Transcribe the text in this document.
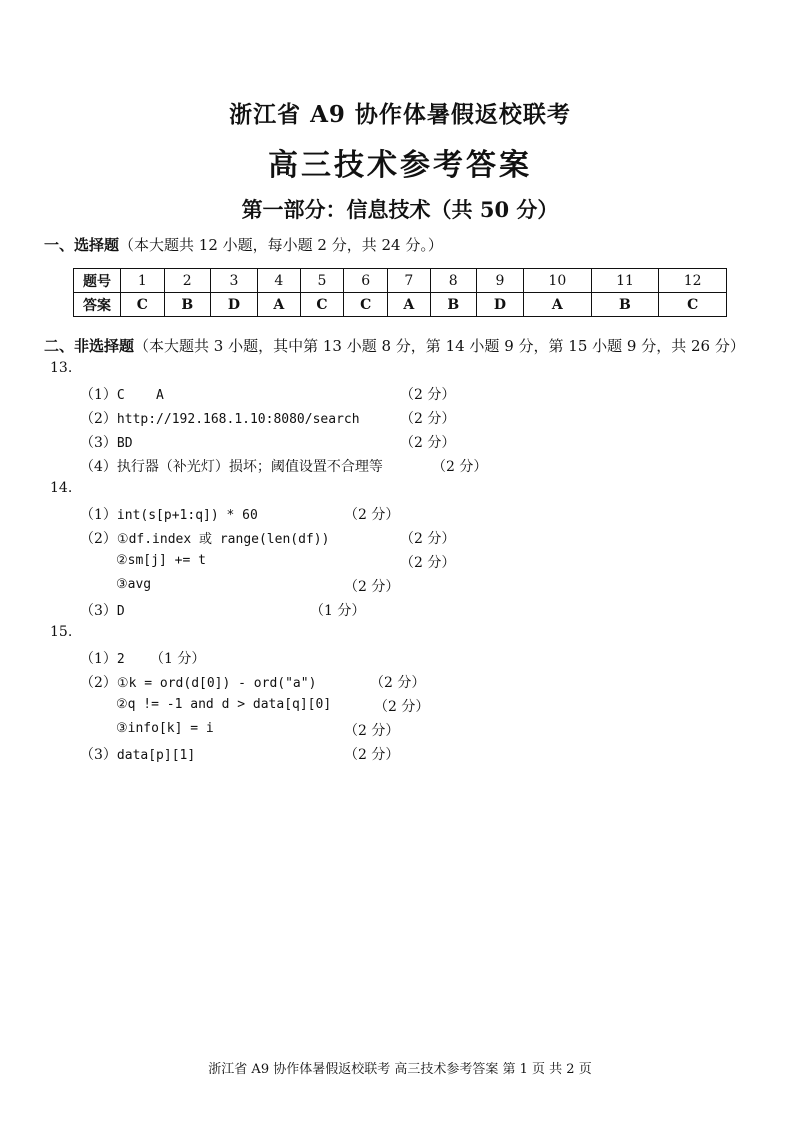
浙江省 A9 协作体暑假返校联考
高三技术参考答案
第一部分：信息技术（共 50 分）
一、选择题（本大题共 12 小题，每小题 2 分，共 24 分。）
题号	1	2	3	4	5	6	7	8	9	10	11	12
答案	C	B	D	A	C	C	A	B	D	A	B	C
二、非选择题（本大题共 3 小题，其中第 13 小题 8 分，第 14 小题 9 分，第 15 小题 9 分，共 26 分）
13.
（1）C    A	（2 分）
（2）http://192.168.1.10:8080/search	（2 分）
（3）BD	（2 分）
（4）执行器（补光灯）损坏；阈值设置不合理等	（2 分）
14.
（1）int(s[p+1:q]) * 60	（2 分）
（2）①df.index 或 range(len(df))	（2 分）
②sm[j] += t	（2 分）
③avg	（2 分）
（3）D	（1 分）
15.
（1）2 （1 分）
（2）①k = ord(d[0]) - ord("a")	（2 分）
②q != -1 and d > data[q][0]	（2 分）
③info[k] = i	（2 分）
（3）data[p][1]	（2 分）
浙江省 A9 协作体暑假返校联考 高三技术参考答案 第 1 页 共 2 页
